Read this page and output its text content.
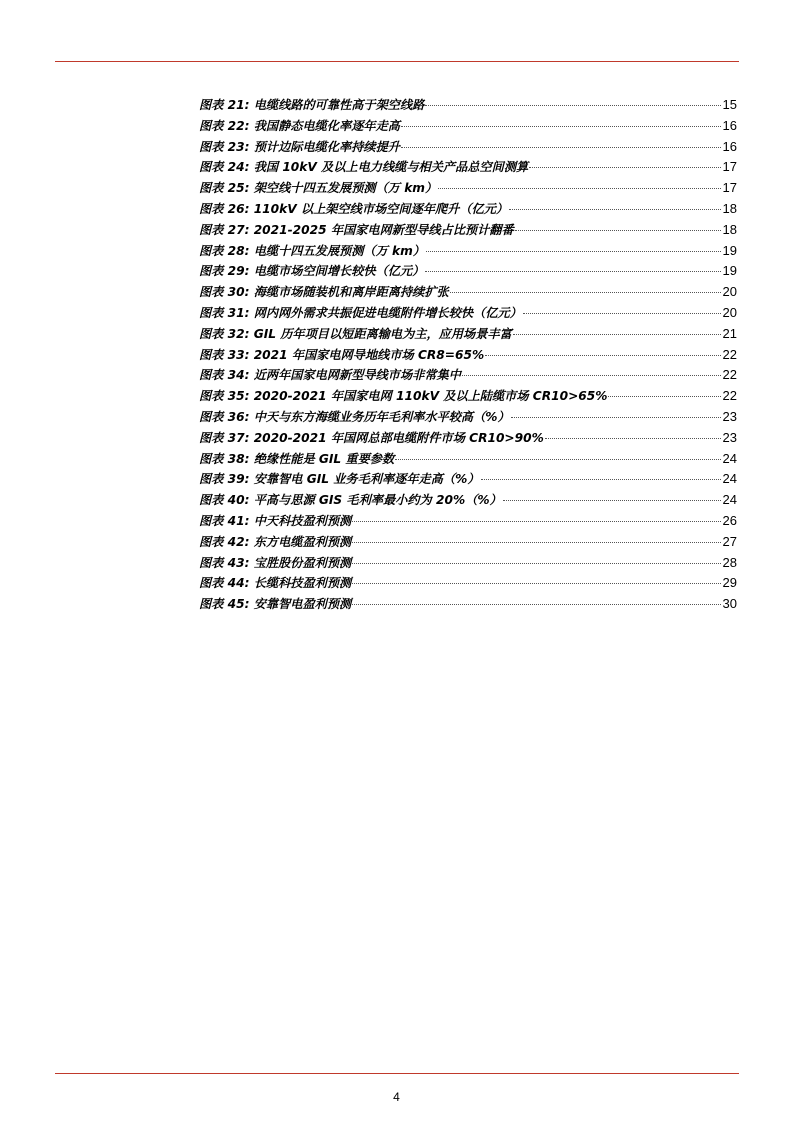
图表 21: 电缆线路的可靠性高于架空线路	15
图表 22: 我国静态电缆化率逐年走高	16
图表 23: 预计边际电缆化率持续提升	16
图表 24: 我国 10kV 及以上电力线缆与相关产品总空间测算	17
图表 25: 架空线十四五发展预测（万 km）	17
图表 26: 110kV 以上架空线市场空间逐年爬升（亿元）	18
图表 27: 2021-2025 年国家电网新型导线占比预计翻番	18
图表 28: 电缆十四五发展预测（万 km）	19
图表 29: 电缆市场空间增长较快（亿元）	19
图表 30: 海缆市场随装机和离岸距离持续扩张	20
图表 31: 网内网外需求共振促进电缆附件增长较快（亿元）	20
图表 32: GIL 历年项目以短距离输电为主，应用场景丰富	21
图表 33: 2021 年国家电网导地线市场 CR8=65%	22
图表 34: 近两年国家电网新型导线市场非常集中	22
图表 35: 2020-2021 年国家电网 110kV 及以上陆缆市场 CR10>65%	22
图表 36: 中天与东方海缆业务历年毛利率水平较高（%）	23
图表 37: 2020-2021 年国网总部电缆附件市场 CR10>90%	23
图表 38: 绝缘性能是 GIL 重要参数	24
图表 39: 安靠智电 GIL 业务毛利率逐年走高（%）	24
图表 40: 平高与思源 GIS 毛利率最小约为 20%（%）	24
图表 41: 中天科技盈利预测	26
图表 42: 东方电缆盈利预测	27
图表 43: 宝胜股份盈利预测	28
图表 44: 长缆科技盈利预测	29
图表 45: 安靠智电盈利预测	30
4
